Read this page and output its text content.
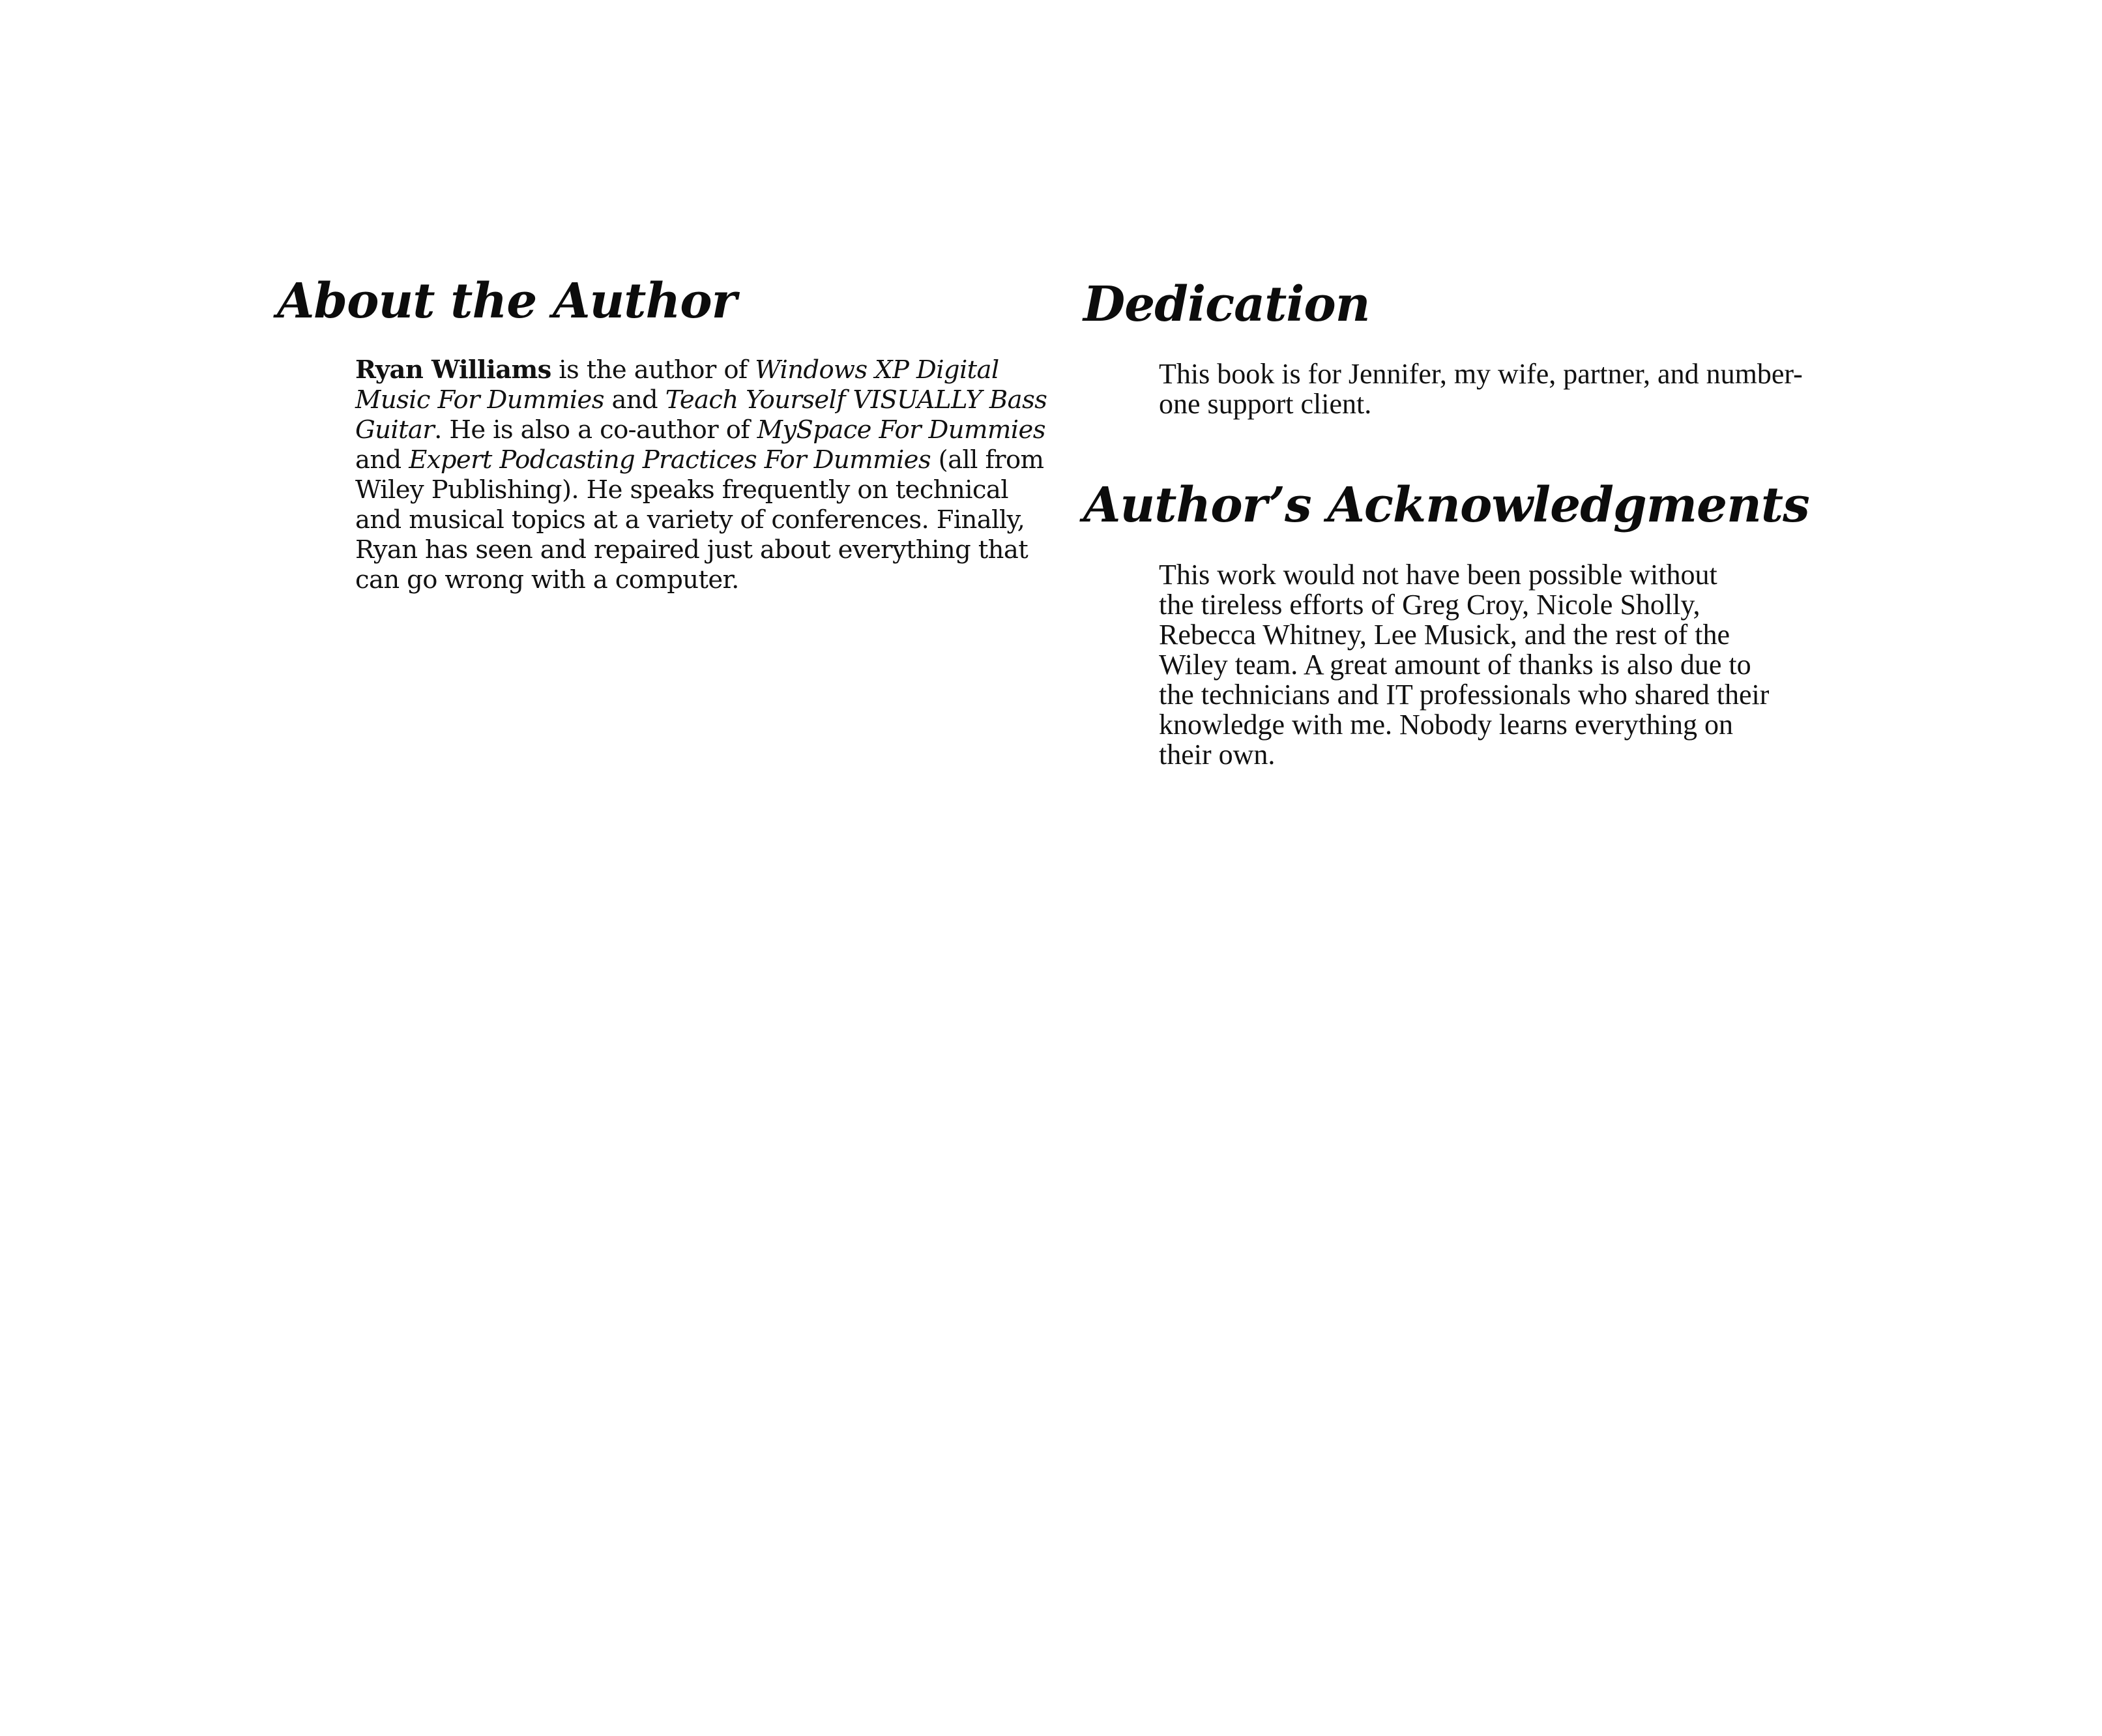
About the Author
Ryan Williams is the author of Windows XP Digital
Music For Dummies and Teach Yourself VISUALLY Bass
Guitar. He is also a co-author of MySpace For Dummies
and Expert Podcasting Practices For Dummies (all from
Wiley Publishing). He speaks frequently on technical
and musical topics at a variety of conferences. Finally,
Ryan has seen and repaired just about everything that
can go wrong with a computer.
Dedication
This book is for Jennifer, my wife, partner, and number-
one support client.
Author’s Acknowledgments
This work would not have been possible without
the tireless efforts of Greg Croy, Nicole Sholly,
Rebecca Whitney, Lee Musick, and the rest of the
Wiley team. A great amount of thanks is also due to
the technicians and IT professionals who shared their
knowledge with me. Nobody learns everything on
their own.
